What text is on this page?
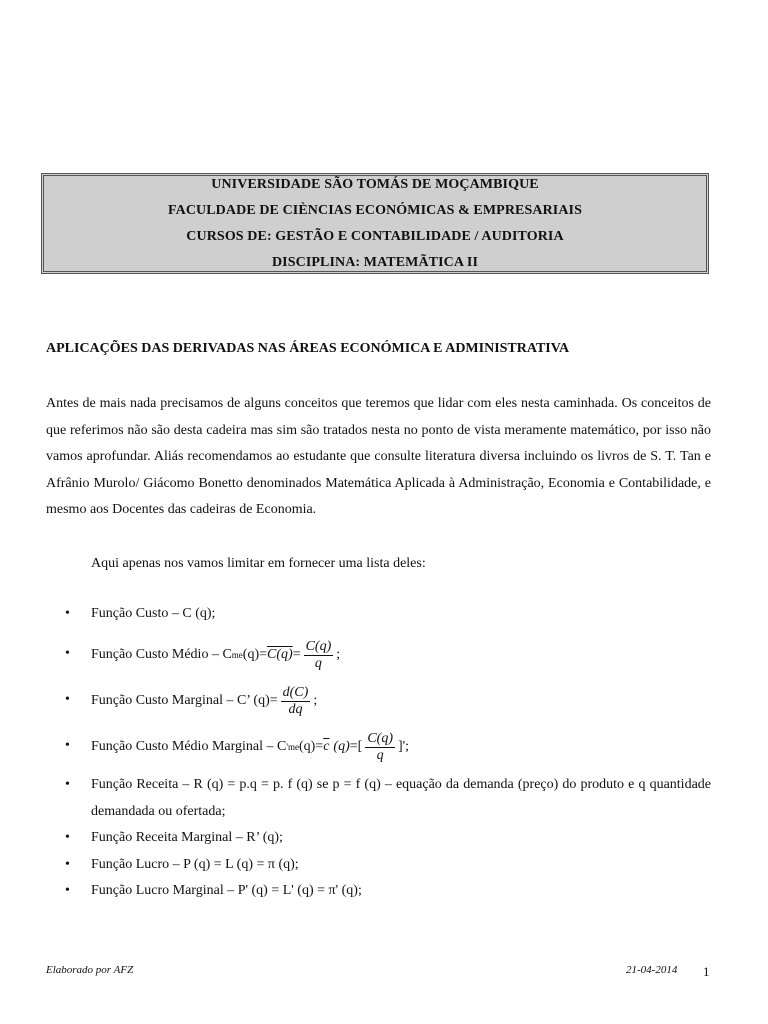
UNIVERSIDADE SÃO TOMÁS DE MOÇAMBIQUE
FACULDADE DE CIÈNCIAS ECONÓMICAS & EMPRESARIAIS
CURSOS DE: GESTÃO E CONTABILIDADE / AUDITORIA
DISCIPLINA: MATEMÃTICA II
APLICAÇÕES DAS DERIVADAS NAS ÁREAS ECONÓMICA E ADMINISTRATIVA

Antes de mais nada precisamos de alguns conceitos que teremos que lidar com eles nesta caminhada. Os conceitos de que referimos não são desta cadeira mas sim são tratados nesta no ponto de vista meramente matemático, por isso não vamos aprofundar. Aliás recomendamos ao estudante que consulte literatura diversa incluindo os livros de S. T. Tan e Afrânio Murolo/ Giácomo Bonetto denominados Matemática Aplicada à Administração, Economia e Contabilidade, e mesmo aos Docentes das cadeiras de Economia.

Aqui apenas nos vamos limitar em fornecer uma lista deles:

• Função Custo – C (q);
• Função Custo Médio – C me $(q)= C(q) = \frac{C(q)}{q}$ ;
• Função Custo Marginal – C’ $(q)= \frac{d(C)}{dq}$ ;
• Função Custo Médio Marginal – C ' me $(q)= \overline{c}$ (q) =[ $\frac{C(q)}{q}$ ]';
• Função Receita – R (q) = p.q = p. f (q) se p = f (q) – equação da demanda (preço) do produto e q quantidade demandada ou ofertada;
• Função Receita Marginal – R’ (q);
• Função Lucro – P (q) = L (q) = π (q);
• Função Lucro Marginal – P' (q) = L' (q) = π' (q);
Elaborado por AFZ	21-04-2014 1
